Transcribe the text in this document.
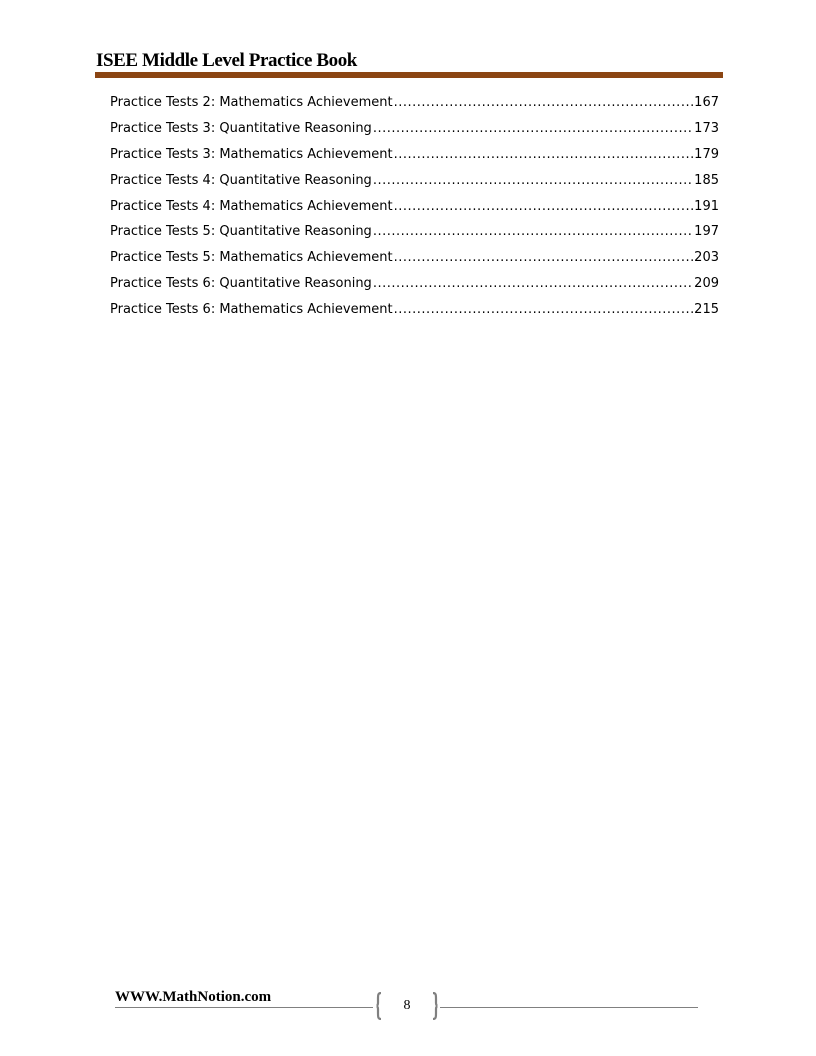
ISEE Middle Level Practice Book
Practice Tests 2: Mathematics Achievement .....	167
Practice Tests 3: Quantitative Reasoning .....	173
Practice Tests 3: Mathematics Achievement .....	179
Practice Tests 4: Quantitative Reasoning .....	185
Practice Tests 4: Mathematics Achievement .....	191
Practice Tests 5: Quantitative Reasoning .....	197
Practice Tests 5: Mathematics Achievement .....	203
Practice Tests 6: Quantitative Reasoning .....	209
Practice Tests 6: Mathematics Achievement .....	215
WWW.MathNotion.com
8
